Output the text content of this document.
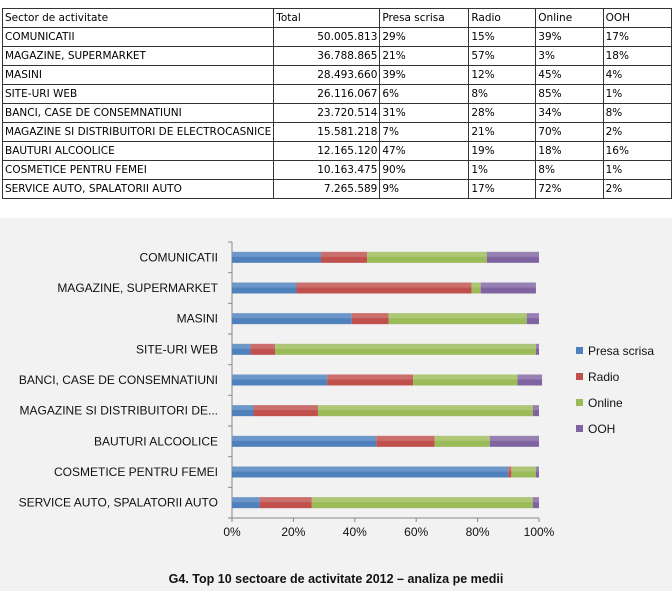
Sector de activitate	Total	Presa scrisa	Radio	Online	OOH
COMUNICATII	50.005.813	29%	15%	39%	17%
MAGAZINE, SUPERMARKET	36.788.865	21%	57%	3%	18%
MASINI	28.493.660	39%	12%	45%	4%
SITE-URI WEB	26.116.067	6%	8%	85%	1%
BANCI, CASE DE CONSEMNATIUNI	23.720.514	31%	28%	34%	8%
MAGAZINE SI DISTRIBUITORI DE ELECTROCASNICE	15.581.218	7%	21%	70%	2%
BAUTURI ALCOOLICE	12.165.120	47%	19%	18%	16%
COSMETICE PENTRU FEMEI	10.163.475	90%	1%	8%	1%
SERVICE AUTO, SPALATORII AUTO	7.265.589	9%	17%	72%	2%
COMUNICATII
MAGAZINE, SUPERMARKET
MASINI
SITE-URI WEB
BANCI, CASE DE CONSEMNATIUNI
MAGAZINE SI DISTRIBUITORI DE...
BAUTURI ALCOOLICE
COSMETICE PENTRU FEMEI
SERVICE AUTO, SPALATORII AUTO
0%	20%	40%	60%	80%	100%
Presa scrisa
Radio
Online
OOH
G4. Top 10 sectoare de activitate 2012 – analiza pe medii
